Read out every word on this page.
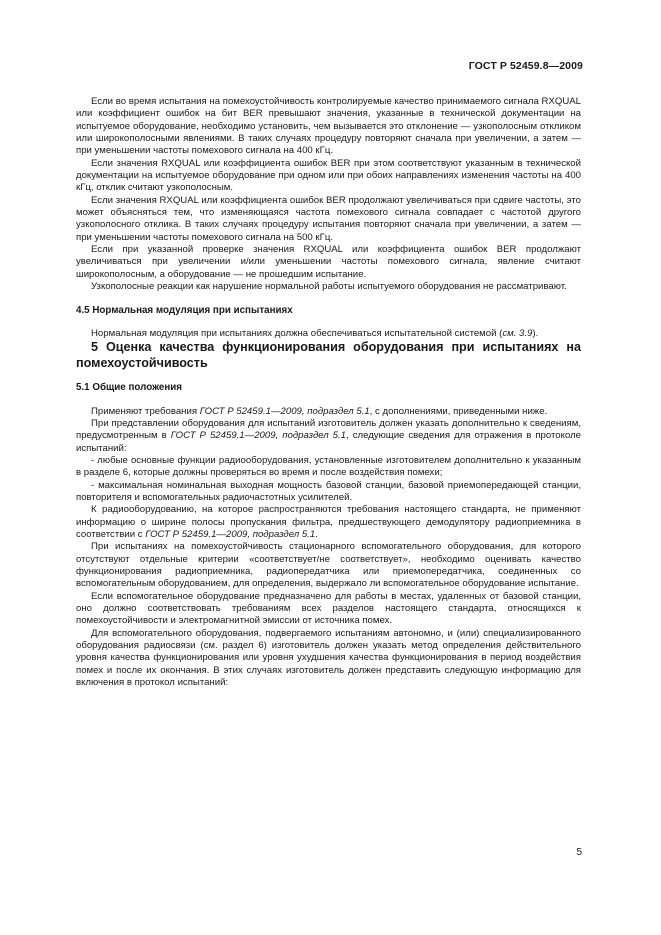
ГОСТ Р 52459.8—2009

Если во время испытания на помехоустойчивость контролируемые качество принимаемого сигнала RXQUAL или коэффициент ошибок на бит BER превышают значения, указанные в технической документации на испытуемое оборудование, необходимо установить, чем вызывается это отклонение — узкополосным откликом или широкополосными явлениями. В таких случаях процедуру повторяют сначала при увеличении, а затем — при уменьшении частоты помехового сигнала на 400 кГц.

Если значения RXQUAL или коэффициента ошибок BER при этом соответствуют указанным в технической документации на испытуемое оборудование при одном или при обоих направлениях изменения частоты на 400 кГц, отклик считают узкополосным.

Если значения RXQUAL или коэффициента ошибок BER продолжают увеличиваться при сдвиге частоты, это может объясняться тем, что изменяющаяся частота помехового сигнала совпадает с частотой другого узкополосного отклика. В таких случаях процедуру испытания повторяют сначала при увеличении, а затем — при уменьшении частоты помехового сигнала на 500 кГц.

Если при указанной проверке значения RXQUAL или коэффициента ошибок BER продолжают увеличиваться при увеличении и/или уменьшении частоты помехового сигнала, явление считают широкополосным, а оборудование — не прошедшим испытание.

Узкополосные реакции как нарушение нормальной работы испытуемого оборудования не рассматривают.

4.5 Нормальная модуляция при испытаниях

Нормальная модуляция при испытаниях должна обеспечиваться испытательной системой (см. 3.9).

5 Оценка качества функционирования оборудования при испытаниях на помехоустойчивость

5.1 Общие положения

Применяют требования ГОСТ Р 52459.1—2009, подраздел 5.1, с дополнениями, приведенными ниже.

При представлении оборудования для испытаний изготовитель должен указать дополнительно к сведениям, предусмотренным в ГОСТ Р 52459.1—2009, подраздел 5.1, следующие сведения для отражения в протоколе испытаний:

- любые основные функции радиооборудования, установленные изготовителем дополнительно к указанным в разделе 6, которые должны проверяться во время и после воздействия помехи;

- максимальная номинальная выходная мощность базовой станции, базовой приемопередающей станции, повторителя и вспомогательных радиочастотных усилителей.

К радиооборудованию, на которое распространяются требования настоящего стандарта, не применяют информацию о ширине полосы пропускания фильтра, предшествующего демодулятору радиоприемника в соответствии с ГОСТ Р 52459.1—2009, подраздел 5.1.

При испытаниях на помехоустойчивость стационарного вспомогательного оборудования, для которого отсутствуют отдельные критерии «соответствует/не соответствует», необходимо оценивать качество функционирования радиоприемника, радиопередатчика или приемопередатчика, соединенных со вспомогательным оборудованием, для определения, выдержало ли вспомогательное оборудование испытание.

Если вспомогательное оборудование предназначено для работы в местах, удаленных от базовой станции, оно должно соответствовать требованиям всех разделов настоящего стандарта, относящихся к помехоустойчивости и электромагнитной эмиссии от источника помех.

Для вспомогательного оборудования, подвергаемого испытаниям автономно, и (или) специализированного оборудования радиосвязи (см. раздел 6) изготовитель должен указать метод определения действительного уровня качества функционирования или уровня ухудшения качества функционирования в период воздействия помех и после их окончания. В этих случаях изготовитель должен представить следующую информацию для включения в протокол испытаний:

5
